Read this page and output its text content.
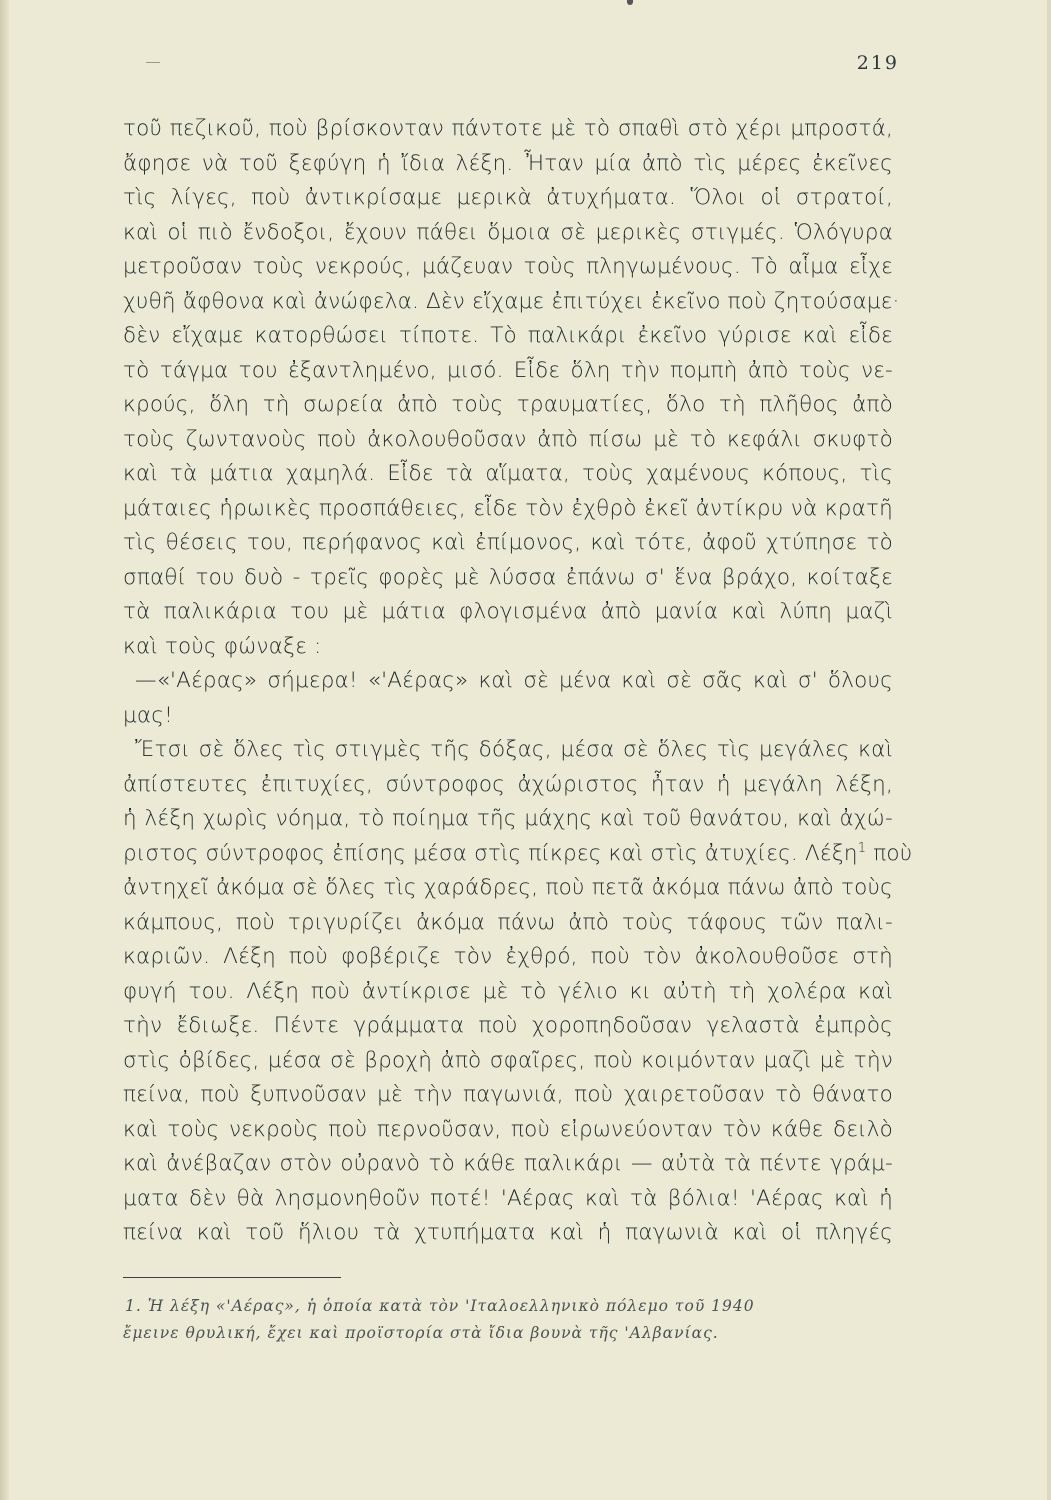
219
τοῦ πεζικοῦ, ποὺ βρίσκονταν πάντοτε μὲ τὸ σπαθὶ στὸ χέρι μπροστά,
ἄφησε νὰ τοῦ ξεφύγη ἡ ἴδια λέξη. Ἦταν μία ἀπὸ τὶς μέρες ἐκεῖνες
τὶς λίγες, ποὺ ἀντικρίσαμε μερικὰ ἀτυχήματα. Ὅλοι οἱ στρατοί,
καὶ οἱ πιὸ ἔνδοξοι, ἔχουν πάθει ὅμοια σὲ μερικὲς στιγμές. Ὁλόγυρα
μετροῦσαν τοὺς νεκρούς, μάζευαν τοὺς πληγωμένους. Τὸ αἷμα εἶχε
χυθῆ ἄφθονα καὶ ἀνώφελα. Δὲν εἴχαμε ἐπιτύχει ἐκεῖνο ποὺ ζητούσαμε·
δὲν εἴχαμε κατορθώσει τίποτε. Τὸ παλικάρι ἐκεῖνο γύρισε καὶ εἶδε
τὸ τάγμα του ἐξαντλημένο, μισό. Εἶδε ὅλη τὴν πομπὴ ἀπὸ τοὺς νε-
κρούς, ὅλη τὴ σωρεία ἀπὸ τοὺς τραυματίες, ὅλο τὴ πλῆθος ἀπὸ
τοὺς ζωντανοὺς ποὺ ἀκολουθοῦσαν ἀπὸ πίσω μὲ τὸ κεφάλι σκυφτὸ
καὶ τὰ μάτια χαμηλά. Εἶδε τὰ αἵματα, τοὺς χαμένους κόπους, τὶς
μάταιες ἡρωικὲς προσπάθειες, εἶδε τὸν ἐχθρὸ ἐκεῖ ἀντίκρυ νὰ κρατῆ
τὶς θέσεις του, περήφανος καὶ ἐπίμονος, καὶ τότε, ἀφοῦ χτύπησε τὸ
σπαθί του δυὸ - τρεῖς φορὲς μὲ λύσσα ἐπάνω σ' ἕνα βράχο, κοίταξε
τὰ παλικάρια του μὲ μάτια φλογισμένα ἀπὸ μανία καὶ λύπη μαζὶ
καὶ τοὺς φώναξε :
—«'Αέρας» σήμερα! «'Αέρας» καὶ σὲ μένα καὶ σὲ σᾶς καὶ σ' ὅλους
μας!
Ἔτσι σὲ ὅλες τὶς στιγμὲς τῆς δόξας, μέσα σὲ ὅλες τὶς μεγάλες καὶ
ἀπίστευτες ἐπιτυχίες, σύντροφος ἀχώριστος ἦταν ἡ μεγάλη λέξη,
ἡ λέξη χωρὶς νόημα, τὸ ποίημα τῆς μάχης καὶ τοῦ θανάτου, καὶ ἀχώ-
ριστος σύντροφος ἐπίσης μέσα στὶς πίκρες καὶ στὶς ἀτυχίες. Λέξη$^1$ ποὺ
ἀντηχεῖ ἀκόμα σὲ ὅλες τὶς χαράδρες, ποὺ πετᾶ ἀκόμα πάνω ἀπὸ τοὺς
κάμπους, ποὺ τριγυρίζει ἀκόμα πάνω ἀπὸ τοὺς τάφους τῶν παλι-
καριῶν. Λέξη ποὺ φοβέριζε τὸν ἐχθρό, ποὺ τὸν ἀκολουθοῦσε στὴ
φυγή του. Λέξη ποὺ ἀντίκρισε μὲ τὸ γέλιο κι αὐτὴ τὴ χολέρα καὶ
τὴν ἔδιωξε. Πέντε γράμματα ποὺ χοροπηδοῦσαν γελαστὰ ἐμπρὸς
στὶς ὀβίδες, μέσα σὲ βροχὴ ἀπὸ σφαῖρες, ποὺ κοιμόνταν μαζὶ μὲ τὴν
πείνα, ποὺ ξυπνοῦσαν μὲ τὴν παγωνιά, ποὺ χαιρετοῦσαν τὸ θάνατο
καὶ τοὺς νεκροὺς ποὺ περνοῦσαν, ποὺ εἰρωνεύονταν τὸν κάθε δειλὸ
καὶ ἀνέβαζαν στὸν οὐρανὸ τὸ κάθε παλικάρι — αὐτὰ τὰ πέντε γράμ-
ματα δὲν θὰ λησμονηθοῦν ποτέ! 'Αέρας καὶ τὰ βόλια! 'Αέρας καὶ ἡ
πείνα καὶ τοῦ ἥλιου τὰ χτυπήματα καὶ ἡ παγωνιὰ καὶ οἱ πληγές
1. Ἡ λέξη «'Αέρας», ἡ ὁποία κατὰ τὸν 'Ιταλοελληνικὸ πόλεμο τοῦ 1940
ἔμεινε θρυλική, ἔχει καὶ προϊστορία στὰ ἴδια βουνὰ τῆς 'Αλβανίας.
